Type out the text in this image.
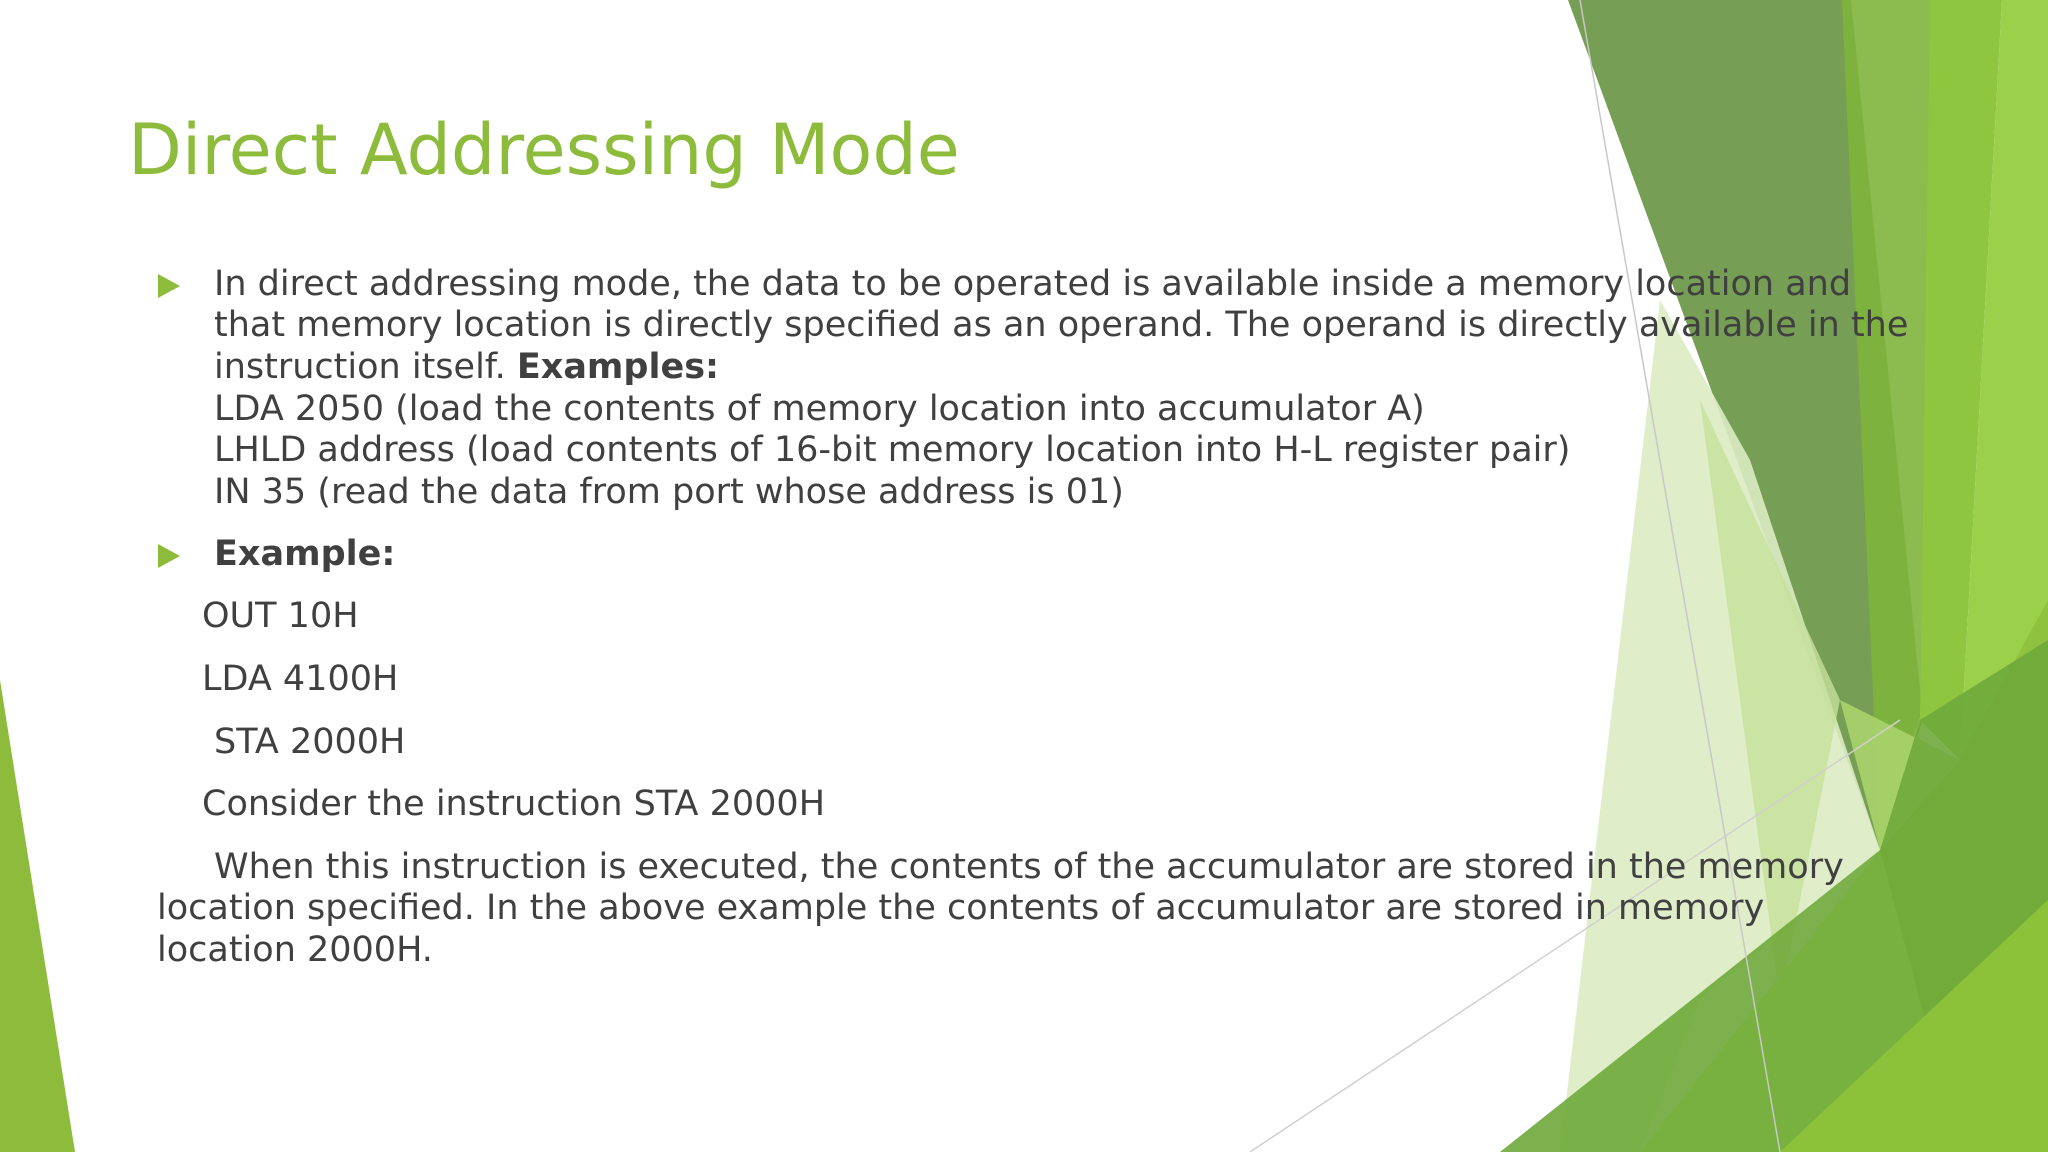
Direct Addressing Mode

In direct addressing mode, the data to be operated is available inside a memory location and

that memory location is directly specified as an operand. The operand is directly available in the

instruction itself. Examples:

LDA 2050 (load the contents of memory location into accumulator A)

LHLD address (load contents of 16-bit memory location into H-L register pair)

IN 35 (read the data from port whose address is 01)

Example:

OUT 10H

LDA 4100H

STA 2000H

Consider the instruction STA 2000H

When this instruction is executed, the contents of the accumulator are stored in the memory

location specified. In the above example the contents of accumulator are stored in memory

location 2000H.
